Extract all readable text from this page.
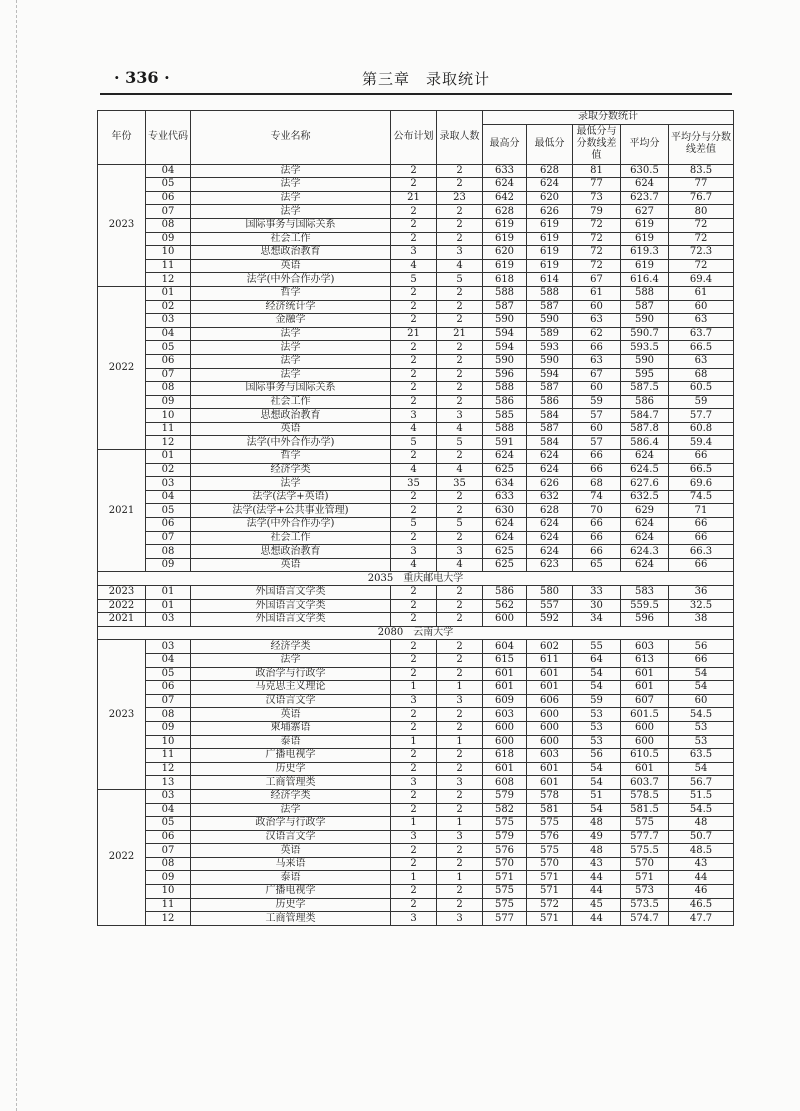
· 336 ·	第三章　录取统计
年份	专业代码	专业名称	公布计划	录取人数	录取分数统计				
					最高分	最低分	最低分与分数线差值	平均分	平均分与分数线差值
2023	04	法学	2	2	633	628	81	630.5	83.5
	05	法学	2	2	624	624	77	624	77
	06	法学	21	23	642	620	73	623.7	76.7
	07	法学	2	2	628	626	79	627	80
	08	国际事务与国际关系	2	2	619	619	72	619	72
	09	社会工作	2	2	619	619	72	619	72
	10	思想政治教育	3	3	620	619	72	619.3	72.3
	11	英语	4	4	619	619	72	619	72
	12	法学(中外合作办学)	5	5	618	614	67	616.4	69.4
2022	01	哲学	2	2	588	588	61	588	61
	02	经济统计学	2	2	587	587	60	587	60
	03	金融学	2	2	590	590	63	590	63
	04	法学	21	21	594	589	62	590.7	63.7
	05	法学	2	2	594	593	66	593.5	66.5
	06	法学	2	2	590	590	63	590	63
	07	法学	2	2	596	594	67	595	68
	08	国际事务与国际关系	2	2	588	587	60	587.5	60.5
	09	社会工作	2	2	586	586	59	586	59
	10	思想政治教育	3	3	585	584	57	584.7	57.7
	11	英语	4	4	588	587	60	587.8	60.8
	12	法学(中外合作办学)	5	5	591	584	57	586.4	59.4
2021	01	哲学	2	2	624	624	66	624	66
	02	经济学类	4	4	625	624	66	624.5	66.5
	03	法学	35	35	634	626	68	627.6	69.6
	04	法学(法学+英语)	2	2	633	632	74	632.5	74.5
	05	法学(法学+公共事业管理)	2	2	630	628	70	629	71
	06	法学(中外合作办学)	5	5	624	624	66	624	66
	07	社会工作	2	2	624	624	66	624	66
	08	思想政治教育	3	3	625	624	66	624.3	66.3
	09	英语	4	4	625	623	65	624	66
2035　重庆邮电大学									
2023	01	外国语言文学类	2	2	586	580	33	583	36
2022	01	外国语言文学类	2	2	562	557	30	559.5	32.5
2021	03	外国语言文学类	2	2	600	592	34	596	38
2080　云南大学									
2023	03	经济学类	2	2	604	602	55	603	56
	04	法学	2	2	615	611	64	613	66
	05	政治学与行政学	2	2	601	601	54	601	54
	06	马克思主义理论	1	1	601	601	54	601	54
	07	汉语言文学	3	3	609	606	59	607	60
	08	英语	2	2	603	600	53	601.5	54.5
	09	柬埔寨语	2	2	600	600	53	600	53
	10	泰语	1	1	600	600	53	600	53
	11	广播电视学	2	2	618	603	56	610.5	63.5
	12	历史学	2	2	601	601	54	601	54
	13	工商管理类	3	3	608	601	54	603.7	56.7
2022	03	经济学类	2	2	579	578	51	578.5	51.5
	04	法学	2	2	582	581	54	581.5	54.5
	05	政治学与行政学	1	1	575	575	48	575	48
	06	汉语言文学	3	3	579	576	49	577.7	50.7
	07	英语	2	2	576	575	48	575.5	48.5
	08	马来语	2	2	570	570	43	570	43
	09	泰语	1	1	571	571	44	571	44
	10	广播电视学	2	2	575	571	44	573	46
	11	历史学	2	2	575	572	45	573.5	46.5
	12	工商管理类	3	3	577	571	44	574.7	47.7
